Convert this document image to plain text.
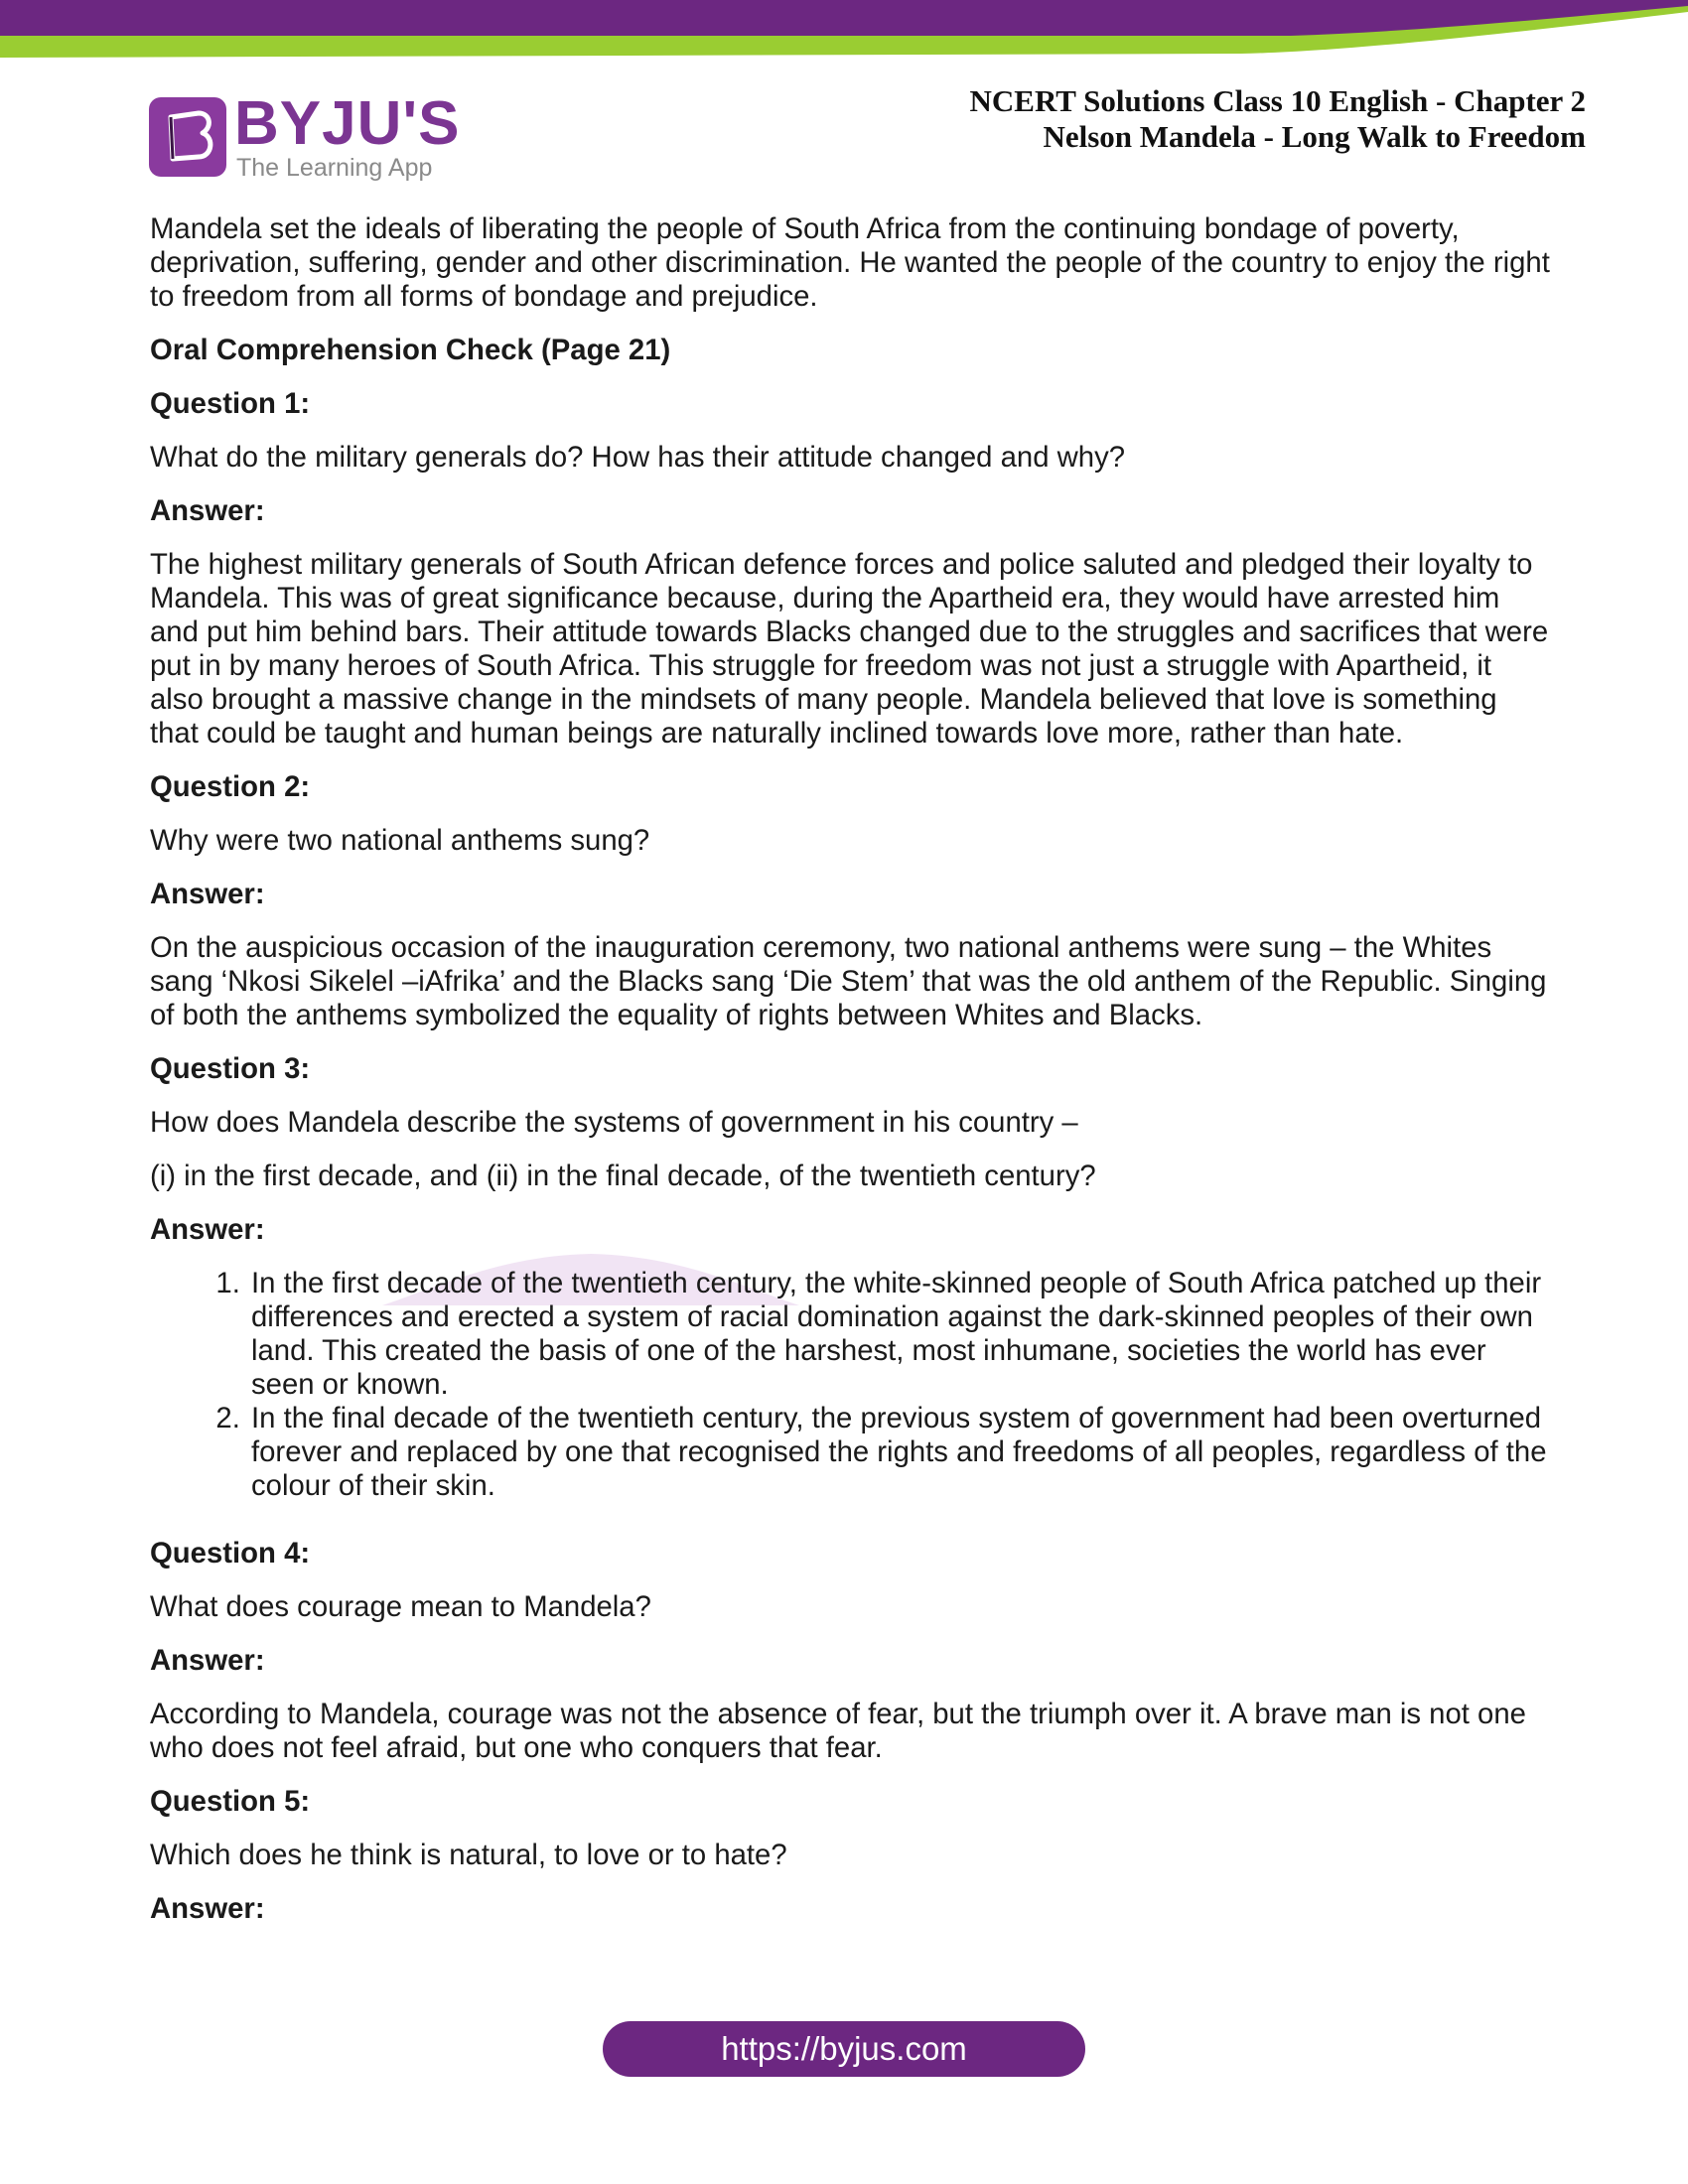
BYJU'S
The Learning App
NCERT Solutions Class 10 English - Chapter 2
Nelson Mandela - Long Walk to Freedom

Mandela set the ideals of liberating the people of South Africa from the continuing bondage of poverty, deprivation, suffering, gender and other discrimination. He wanted the people of the country to enjoy the right to freedom from all forms of bondage and prejudice.

Oral Comprehension Check (Page 21)

Question 1:

What do the military generals do? How has their attitude changed and why?

Answer:

The highest military generals of South African defence forces and police saluted and pledged their loyalty to Mandela. This was of great significance because, during the Apartheid era, they would have arrested him and put him behind bars. Their attitude towards Blacks changed due to the struggles and sacrifices that were put in by many heroes of South Africa. This struggle for freedom was not just a struggle with Apartheid, it also brought a massive change in the mindsets of many people. Mandela believed that love is something that could be taught and human beings are naturally inclined towards love more, rather than hate.

Question 2:

Why were two national anthems sung?

Answer:

On the auspicious occasion of the inauguration ceremony, two national anthems were sung – the Whites sang ‘Nkosi Sikelel –iAfrika’ and the Blacks sang ‘Die Stem’ that was the old anthem of the Republic. Singing of both the anthems symbolized the equality of rights between Whites and Blacks.

Question 3:

How does Mandela describe the systems of government in his country –

(i) in the first decade, and (ii) in the final decade, of the twentieth century?

Answer:

1. In the first decade of the twentieth century, the white-skinned people of South Africa patched up their differences and erected a system of racial domination against the dark-skinned peoples of their own land. This created the basis of one of the harshest, most inhumane, societies the world has ever seen or known.
2. In the final decade of the twentieth century, the previous system of government had been overturned forever and replaced by one that recognised the rights and freedoms of all peoples, regardless of the colour of their skin.

Question 4:

What does courage mean to Mandela?

Answer:

According to Mandela, courage was not the absence of fear, but the triumph over it. A brave man is not one who does not feel afraid, but one who conquers that fear.

Question 5:

Which does he think is natural, to love or to hate?

Answer:

https://byjus.com
